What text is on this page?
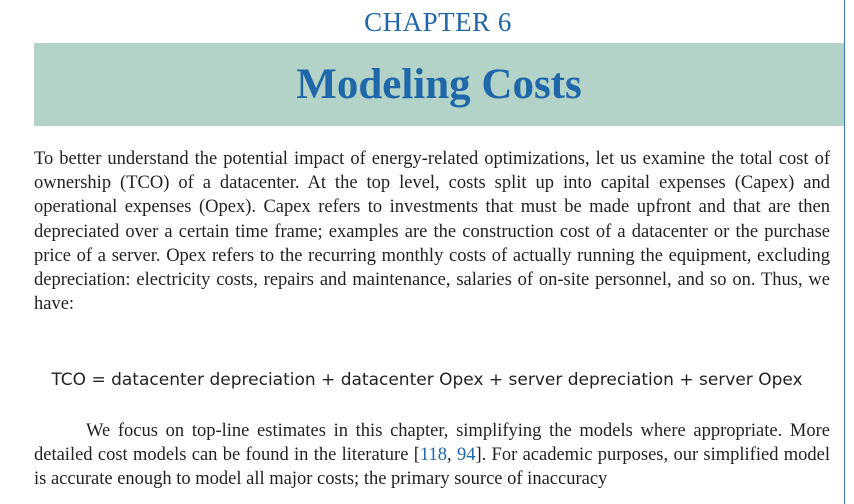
CHAPTER 6
Modeling Costs

To better understand the potential impact of energy-related optimizations, let us examine the total cost of ownership (TCO) of a datacenter. At the top level, costs split up into capital expenses (Capex) and operational expenses (Opex). Capex refers to investments that must be made upfront and that are then depreciated over a certain time frame; examples are the construction cost of a datacenter or the purchase price of a server. Opex refers to the recurring monthly costs of actually running the equipment, excluding depreciation: electricity costs, repairs and maintenance, salaries of on-site personnel, and so on. Thus, we have:

TCO = datacenter depreciation + datacenter Opex + server depreciation + server Opex

We focus on top-line estimates in this chapter, simplifying the models where appropriate. More detailed cost models can be found in the literature [118, 94]. For academic purposes, our simplified model is accurate enough to model all major costs; the primary source of inaccuracy
